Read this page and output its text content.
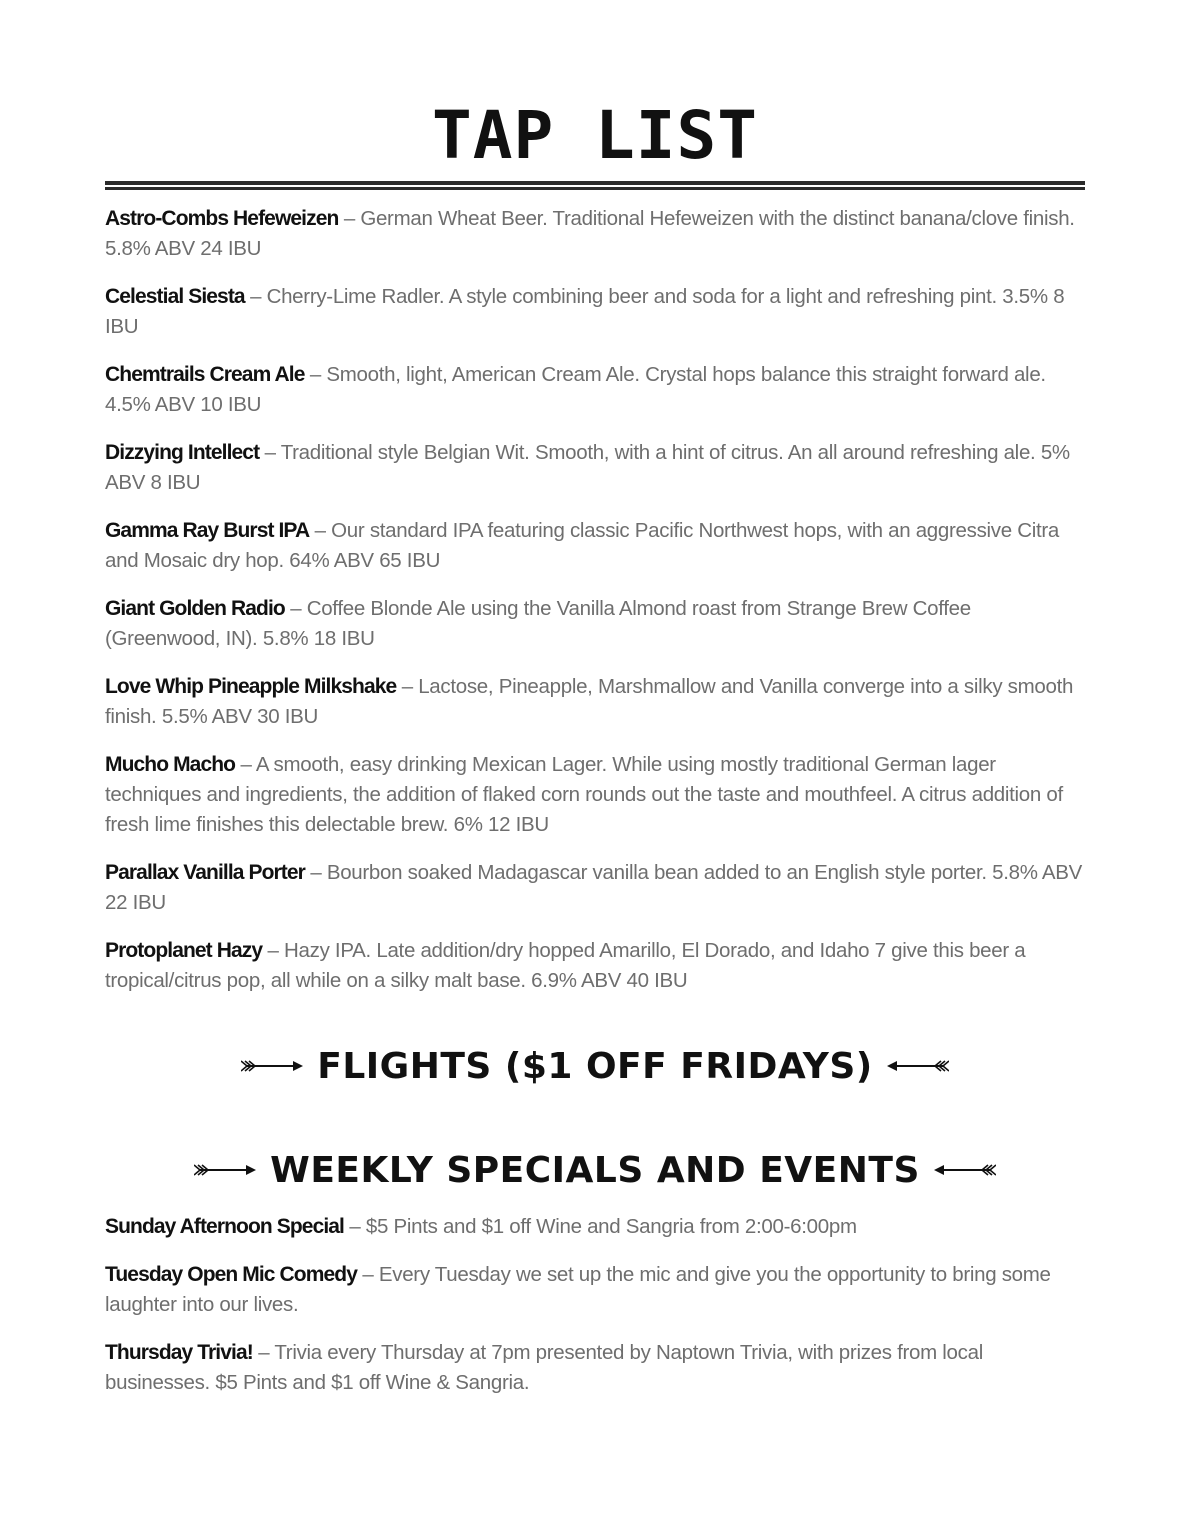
TAP LIST

Astro-Combs Hefeweizen – German Wheat Beer. Traditional Hefeweizen with the distinct banana/clove finish. 5.8% ABV 24 IBU

Celestial Siesta – Cherry-Lime Radler. A style combining beer and soda for a light and refreshing pint. 3.5% 8 IBU

Chemtrails Cream Ale – Smooth, light, American Cream Ale. Crystal hops balance this straight forward ale. 4.5% ABV 10 IBU

Dizzying Intellect – Traditional style Belgian Wit. Smooth, with a hint of citrus. An all around refreshing ale. 5% ABV 8 IBU

Gamma Ray Burst IPA – Our standard IPA featuring classic Pacific Northwest hops, with an aggressive Citra and Mosaic dry hop. 64% ABV 65 IBU

Giant Golden Radio – Coffee Blonde Ale using the Vanilla Almond roast from Strange Brew Coffee (Greenwood, IN). 5.8% 18 IBU

Love Whip Pineapple Milkshake – Lactose, Pineapple, Marshmallow and Vanilla converge into a silky smooth finish. 5.5% ABV 30 IBU

Mucho Macho – A smooth, easy drinking Mexican Lager. While using mostly traditional German lager techniques and ingredients, the addition of flaked corn rounds out the taste and mouthfeel. A citrus addition of fresh lime finishes this delectable brew. 6% 12 IBU

Parallax Vanilla Porter – Bourbon soaked Madagascar vanilla bean added to an English style porter. 5.8% ABV 22 IBU

Protoplanet Hazy – Hazy IPA. Late addition/dry hopped Amarillo, El Dorado, and Idaho 7 give this beer a tropical/citrus pop, all while on a silky malt base. 6.9% ABV 40 IBU

FLIGHTS ($1 OFF FRIDAYS)
WEEKLY SPECIALS AND EVENTS

Sunday Afternoon Special – $5 Pints and $1 off Wine and Sangria from 2:00-6:00pm

Tuesday Open Mic Comedy – Every Tuesday we set up the mic and give you the opportunity to bring some laughter into our lives.

Thursday Trivia! – Trivia every Thursday at 7pm presented by Naptown Trivia, with prizes from local businesses. $5 Pints and $1 off Wine & Sangria.
